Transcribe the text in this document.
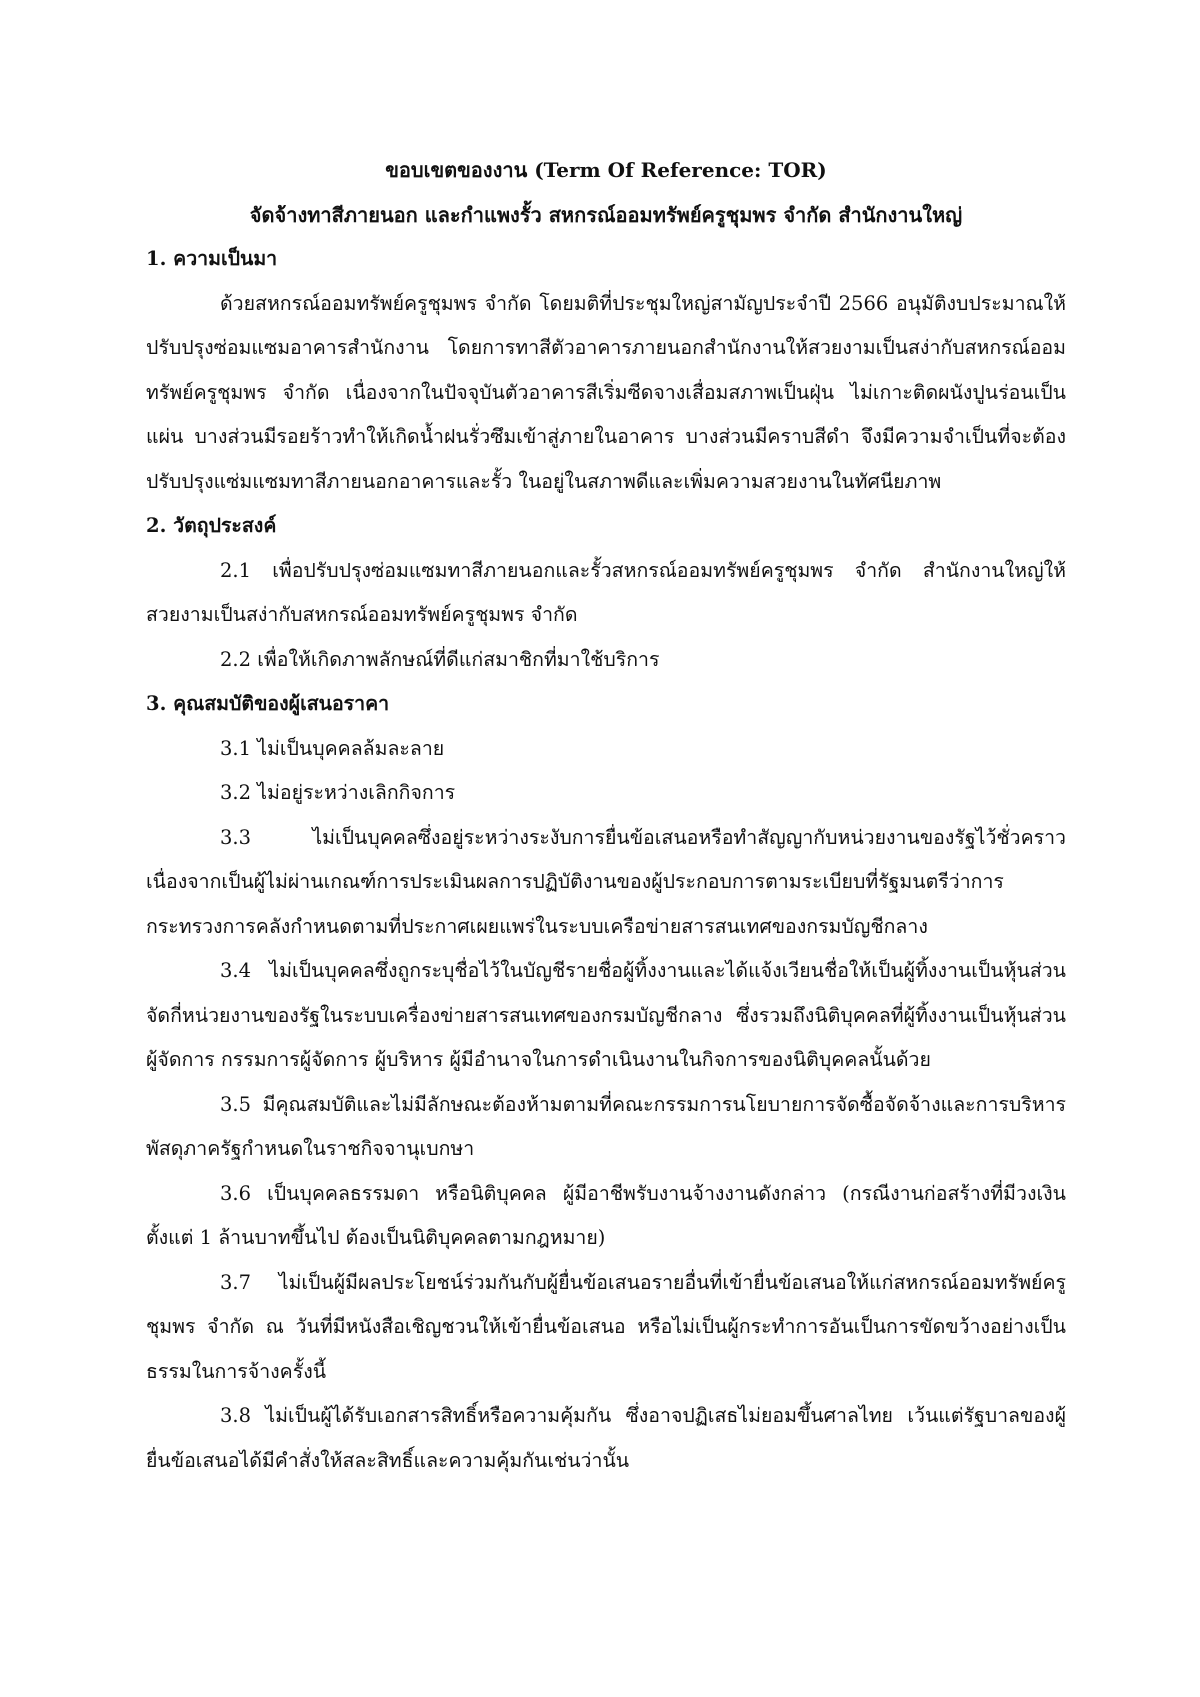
ขอบเขตของงาน (Term Of Reference: TOR)

จัดจ้างทาสีภายนอก และกำแพงรั้ว สหกรณ์ออมทรัพย์ครูชุมพร จำกัด สำนักงานใหญ่

1. ความเป็นมา

ด้วยสหกรณ์ออมทรัพย์ครูชุมพร จำกัด โดยมติที่ประชุมใหญ่สามัญประจำปี 2566 อนุมัติงบประมาณให้ปรับปรุงซ่อมแซมอาคารสำนักงาน โดยการทาสีตัวอาคารภายนอกสำนักงานให้สวยงามเป็นสง่ากับสหกรณ์ออมทรัพย์ครูชุมพร จำกัด เนื่องจากในปัจจุบันตัวอาคารสีเริ่มซีดจางเสื่อมสภาพเป็นฝุ่น ไม่เกาะติดผนังปูนร่อนเป็นแผ่น บางส่วนมีรอยร้าวทำให้เกิดน้ำฝนรั่วซึมเข้าสู่ภายในอาคาร บางส่วนมีคราบสีดำ จึงมีความจำเป็นที่จะต้องปรับปรุงแซ่มแซมทาสีภายนอกอาคารและรั้ว ในอยู่ในสภาพดีและเพิ่มความสวยงานในทัศนียภาพ

2. วัตถุประสงค์

2.1 เพื่อปรับปรุงซ่อมแซมทาสีภายนอกและรั้วสหกรณ์ออมทรัพย์ครูชุมพร จำกัด สำนักงานใหญ่ให้สวยงามเป็นสง่ากับสหกรณ์ออมทรัพย์ครูชุมพร จำกัด

2.2 เพื่อให้เกิดภาพลักษณ์ที่ดีแก่สมาชิกที่มาใช้บริการ

3. คุณสมบัติของผู้เสนอราคา

3.1 ไม่เป็นบุคคลล้มละลาย

3.2 ไม่อยู่ระหว่างเลิกกิจการ

3.3 ไม่เป็นบุคคลซึ่งอยู่ระหว่างระงับการยื่นข้อเสนอหรือทำสัญญากับหน่วยงานของรัฐไว้ชั่วคราว เนื่องจากเป็นผู้ไม่ผ่านเกณฑ์การประเมินผลการปฏิบัติงานของผู้ประกอบการตามระเบียบที่รัฐมนตรีว่าการกระทรวงการคลังกำหนดตามที่ประกาศเผยแพร่ในระบบเครือข่ายสารสนเทศของกรมบัญชีกลาง

3.4 ไม่เป็นบุคคลซึ่งถูกระบุชื่อไว้ในบัญชีรายชื่อผู้ทิ้งงานและได้แจ้งเวียนชื่อให้เป็นผู้ทิ้งงานเป็นหุ้นส่วนจัดกี่หน่วยงานของรัฐในระบบเครื่องข่ายสารสนเทศของกรมบัญชีกลาง ซึ่งรวมถึงนิติบุคคลที่ผู้ทิ้งงานเป็นหุ้นส่วนผู้จัดการ กรรมการผู้จัดการ ผู้บริหาร ผู้มีอำนาจในการดำเนินงานในกิจการของนิติบุคคลนั้นด้วย

3.5 มีคุณสมบัติและไม่มีลักษณะต้องห้ามตามที่คณะกรรมการนโยบายการจัดซื้อจัดจ้างและการบริหารพัสดุภาครัฐกำหนดในราชกิจจานุเบกษา

3.6 เป็นบุคคลธรรมดา หรือนิติบุคคล ผู้มีอาชีพรับงานจ้างงานดังกล่าว (กรณีงานก่อสร้างที่มีวงเงินตั้งแต่ 1 ล้านบาทขึ้นไป ต้องเป็นนิติบุคคลตามกฎหมาย)

3.7 ไม่เป็นผู้มีผลประโยชน์ร่วมกันกับผู้ยื่นข้อเสนอรายอื่นที่เข้ายื่นข้อเสนอให้แก่สหกรณ์ออมทรัพย์ครูชุมพร จำกัด ณ วันที่มีหนังสือเชิญชวนให้เข้ายื่นข้อเสนอ หรือไม่เป็นผู้กระทำการอันเป็นการขัดขว้างอย่างเป็นธรรมในการจ้างครั้งนี้

3.8 ไม่เป็นผู้ได้รับเอกสารสิทธิ์หรือความคุ้มกัน ซึ่งอาจปฏิเสธไม่ยอมขึ้นศาลไทย เว้นแต่รัฐบาลของผู้ยื่นข้อเสนอได้มีคำสั่งให้สละสิทธิ์และความคุ้มกันเช่นว่านั้น
